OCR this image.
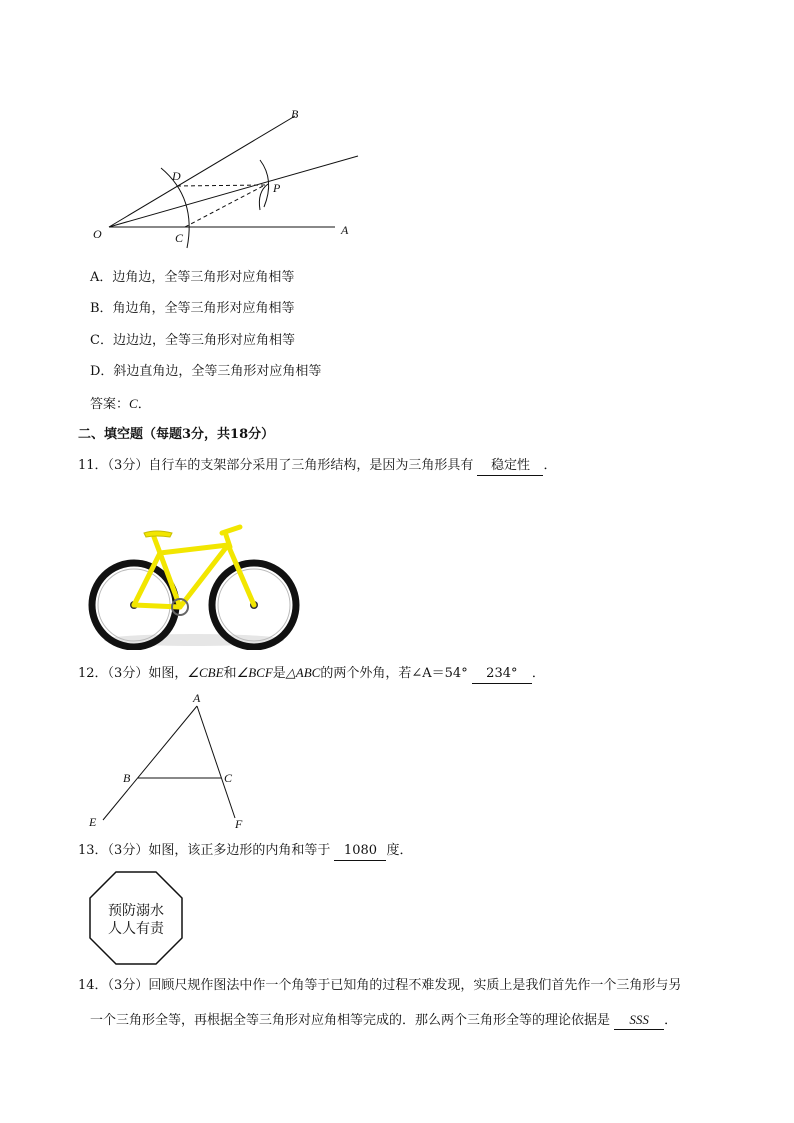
O	A
B
C
D
P
A．边角边，全等三角形对应角相等
B．角边角，全等三角形对应角相等
C．边边边，全等三角形对应角相等
D．斜边直角边，全等三角形对应角相等
答案：C．
二、填空题（每题3分，共18分）
11．（3分）自行车的支架部分采用了三角形结构，是因为三角形具有 稳定性 ．
12．（3分）如图，∠CBE和∠BCF是△ABC的两个外角，若∠A＝54° 234° ．
A
B	C
E	F
13．（3分）如图，该正多边形的内角和等于 1080 度．
预防溺水
人人有责
14．（3分）回顾尺规作图法中作一个角等于已知角的过程不难发现，实质上是我们首先作一个三角形与另
一个三角形全等，再根据全等三角形对应角相等完成的．那么两个三角形全等的理论依据是 SSS ．
